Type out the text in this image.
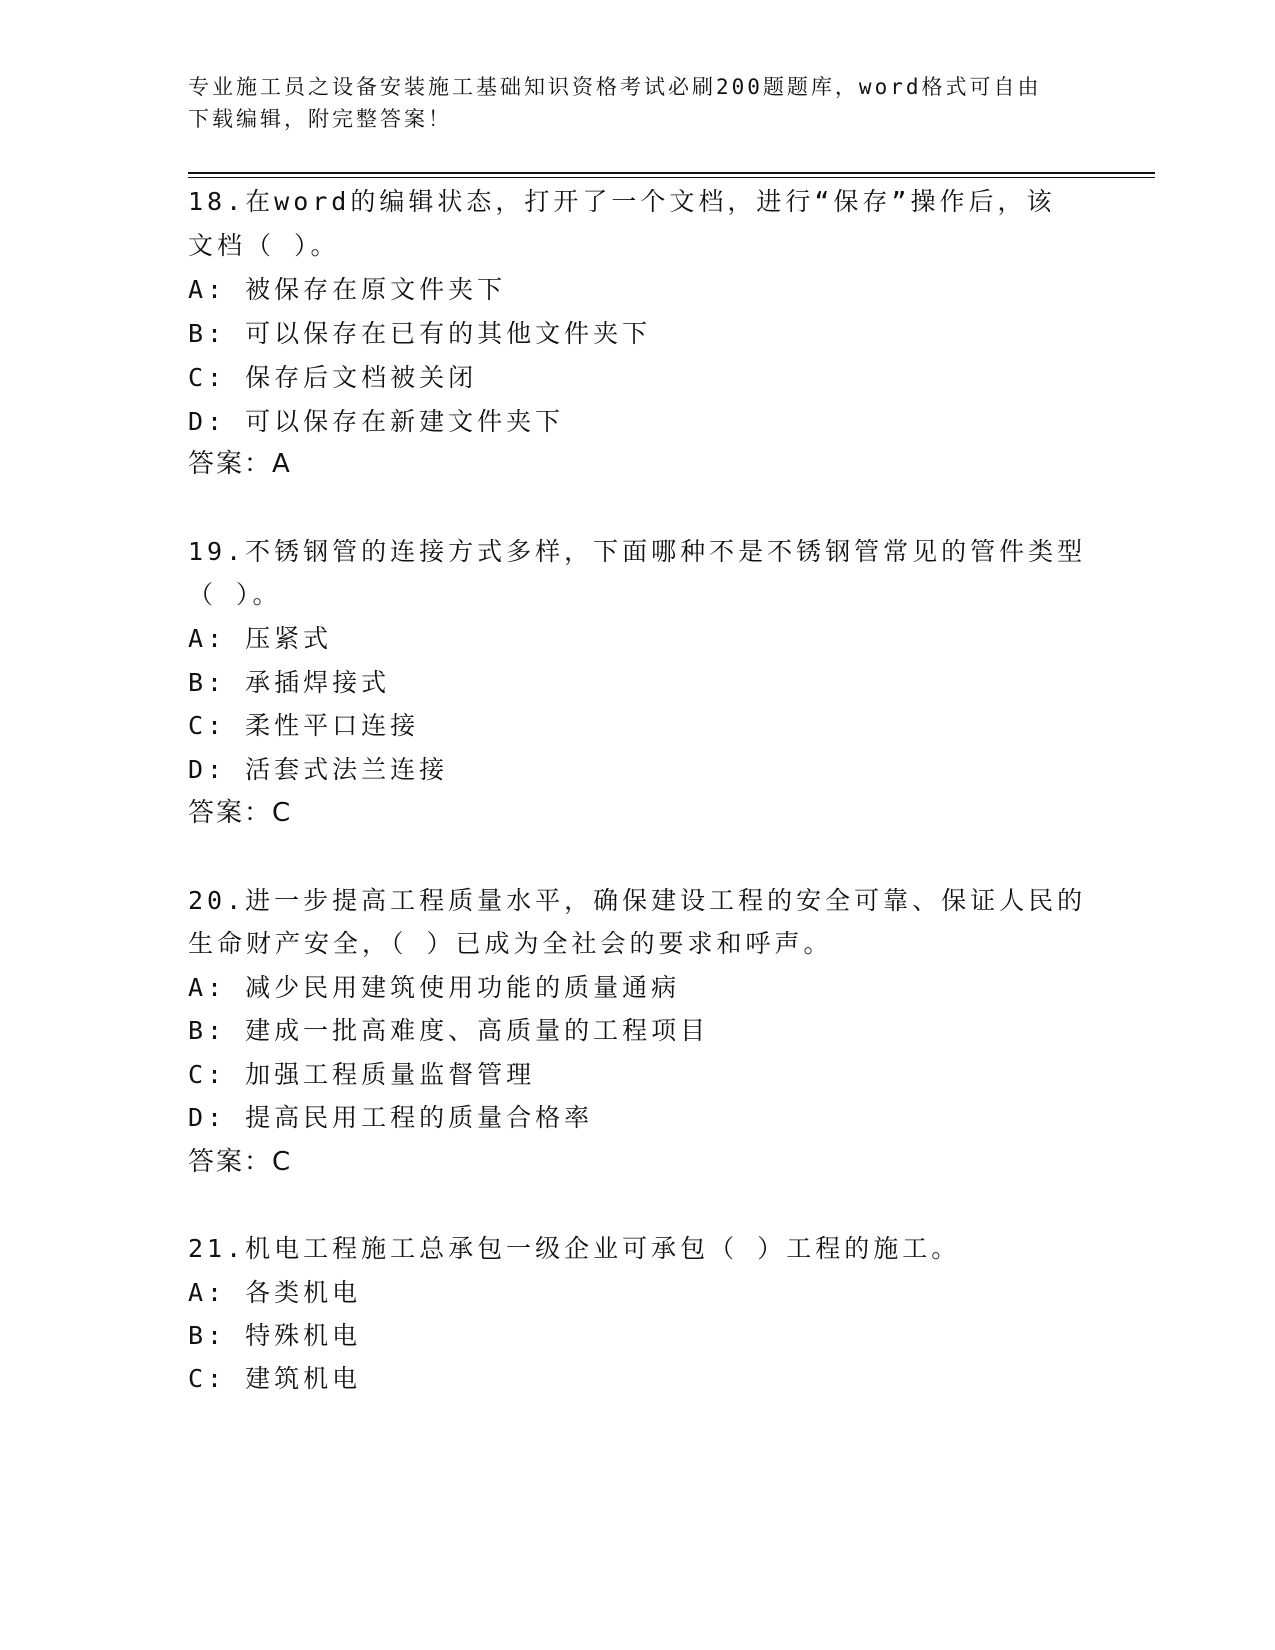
专业施工员之设备安装施工基础知识资格考试必刷200题题库，word格式可自由
下载编辑，附完整答案！
18.在word的编辑状态，打开了一个文档，进行“保存”操作后，该
文档（ ）。
A: 被保存在原文件夹下
B: 可以保存在已有的其他文件夹下
C: 保存后文档被关闭
D: 可以保存在新建文件夹下
答案：A
19.不锈钢管的连接方式多样，下面哪种不是不锈钢管常见的管件类型
（ ）。
A: 压紧式
B: 承插焊接式
C: 柔性平口连接
D: 活套式法兰连接
答案：C
20.进一步提高工程质量水平，确保建设工程的安全可靠、保证人民的
生命财产安全，（ ）已成为全社会的要求和呼声。
A: 减少民用建筑使用功能的质量通病
B: 建成一批高难度、高质量的工程项目
C: 加强工程质量监督管理
D: 提高民用工程的质量合格率
答案：C
21.机电工程施工总承包一级企业可承包（ ）工程的施工。
A: 各类机电
B: 特殊机电
C: 建筑机电
